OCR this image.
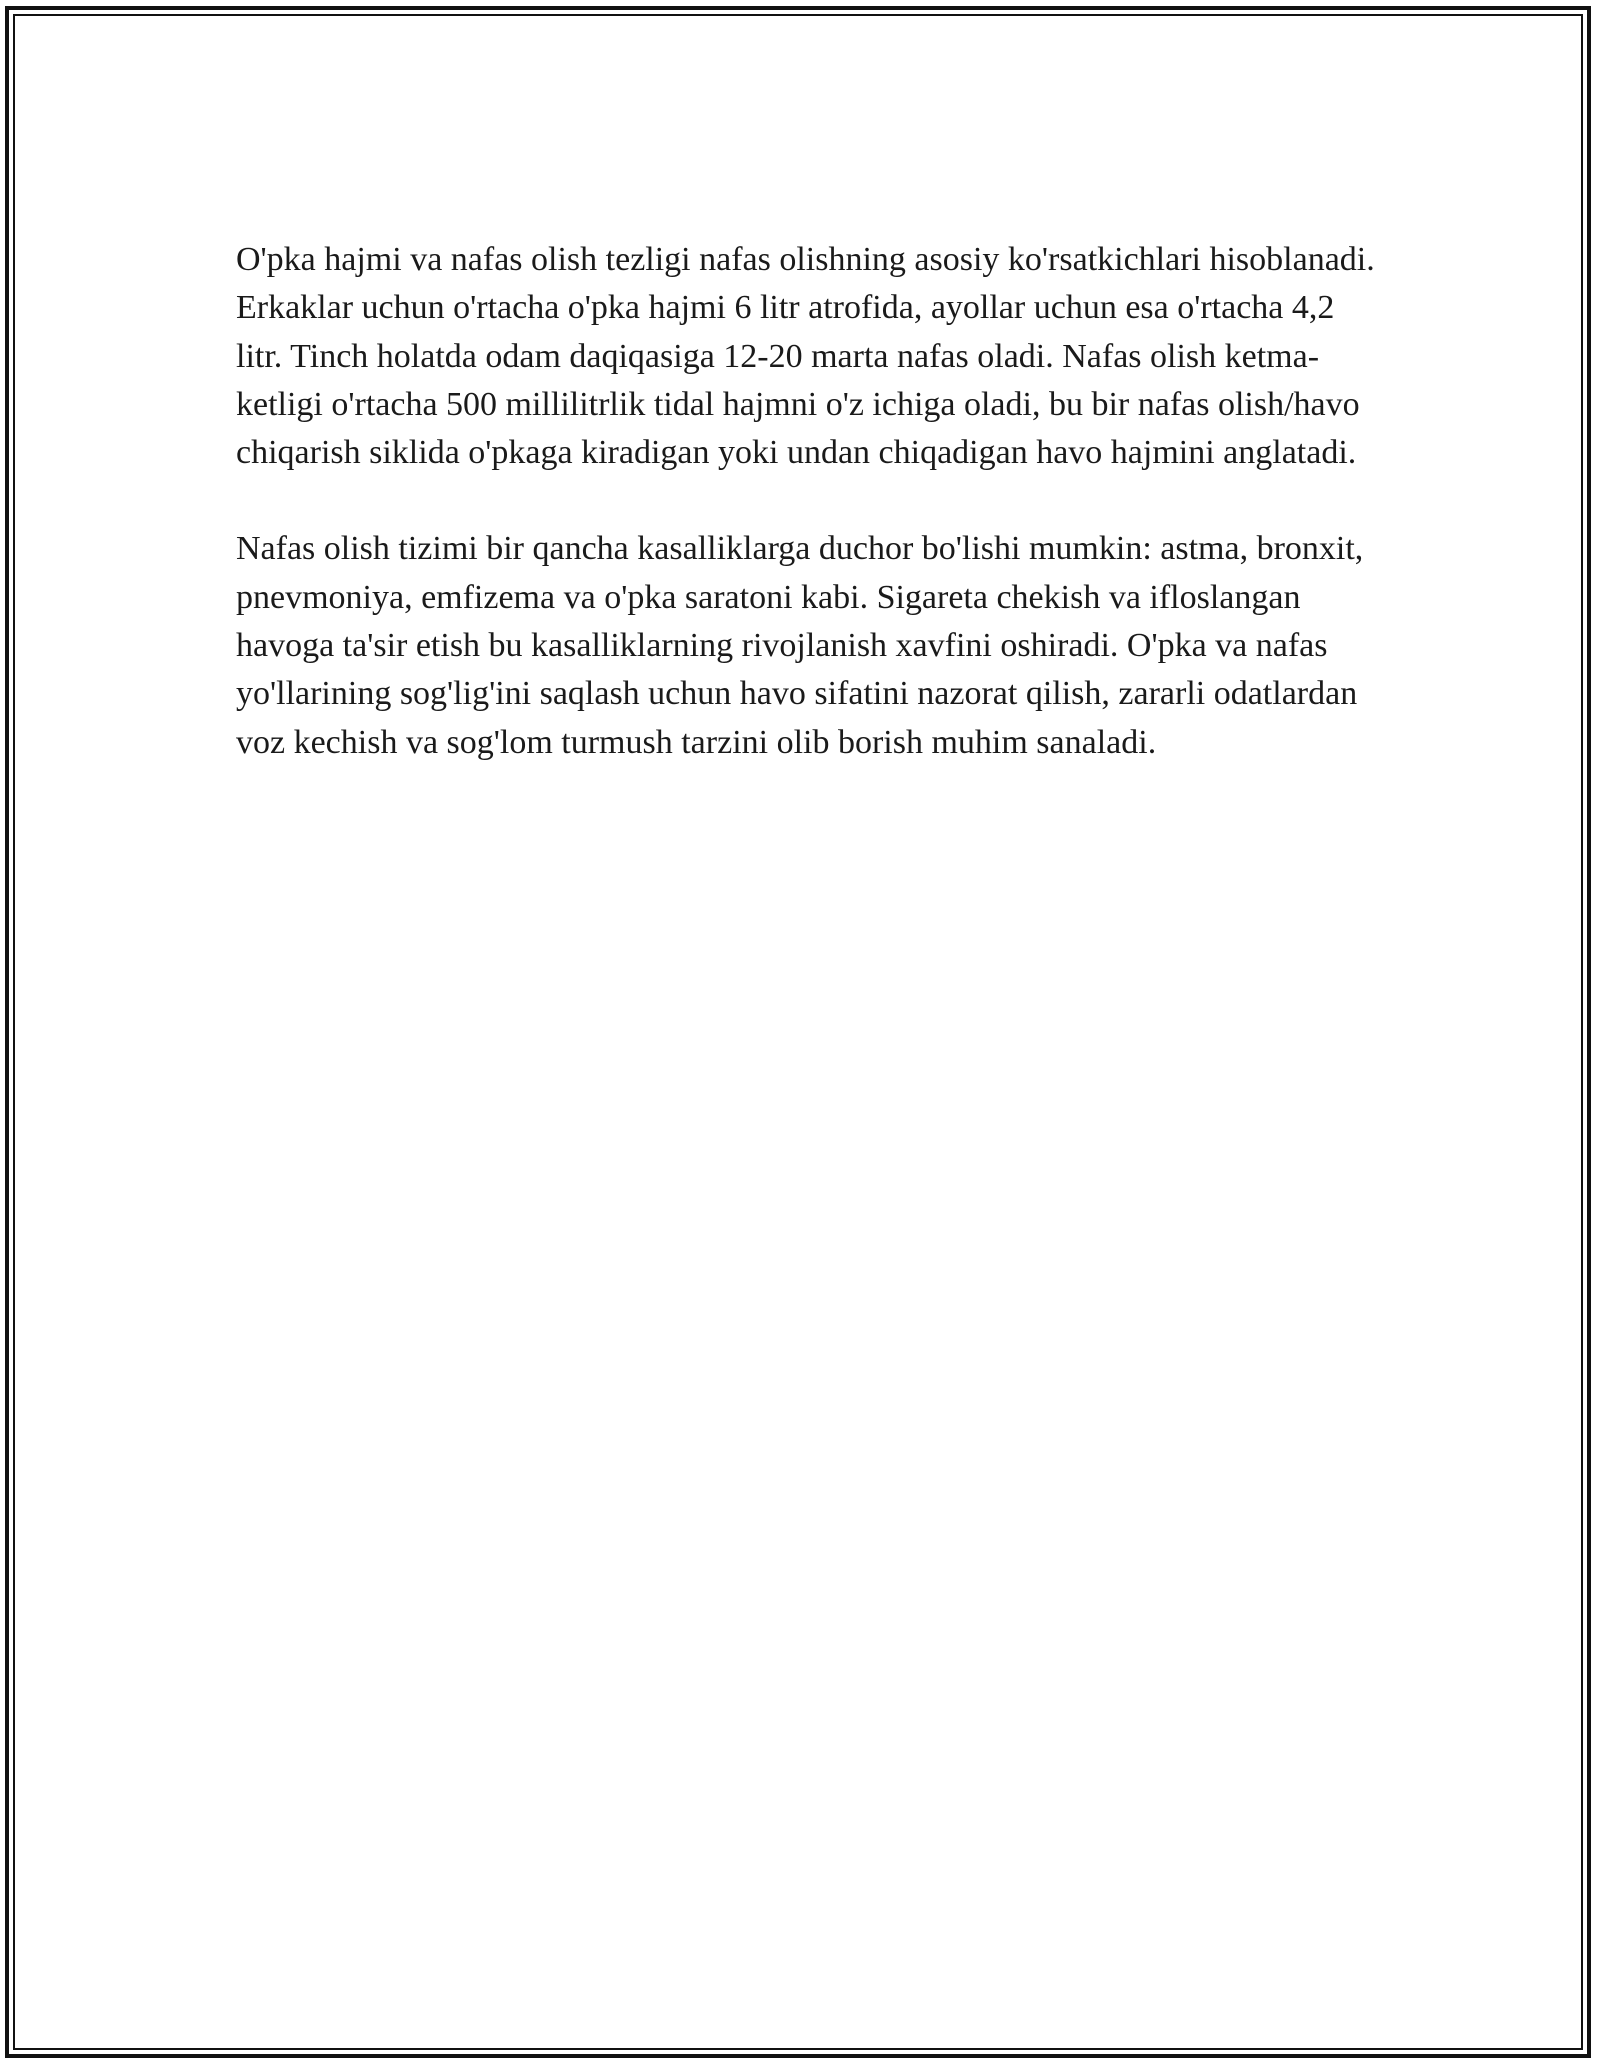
O'pka hajmi va nafas olish tezligi nafas olishning asosiy ko'rsatkichlari hisoblanadi. Erkaklar uchun o'rtacha o'pka hajmi 6 litr atrofida, ayollar uchun esa o'rtacha 4,2 litr. Tinch holatda odam daqiqasiga 12-20 marta nafas oladi. Nafas olish ketma-ketligi o'rtacha 500 millilitrlik tidal hajmni o'z ichiga oladi, bu bir nafas olish/havo chiqarish siklida o'pkaga kiradigan yoki undan chiqadigan havo hajmini anglatadi.

Nafas olish tizimi bir qancha kasalliklarga duchor bo'lishi mumkin: astma, bronxit, pnevmoniya, emfizema va o'pka saratoni kabi. Sigareta chekish va ifloslangan havoga ta'sir etish bu kasalliklarning rivojlanish xavfini oshiradi. O'pka va nafas yo'llarining sog'lig'ini saqlash uchun havo sifatini nazorat qilish, zararli odatlardan voz kechish va sog'lom turmush tarzini olib borish muhim sanaladi.
